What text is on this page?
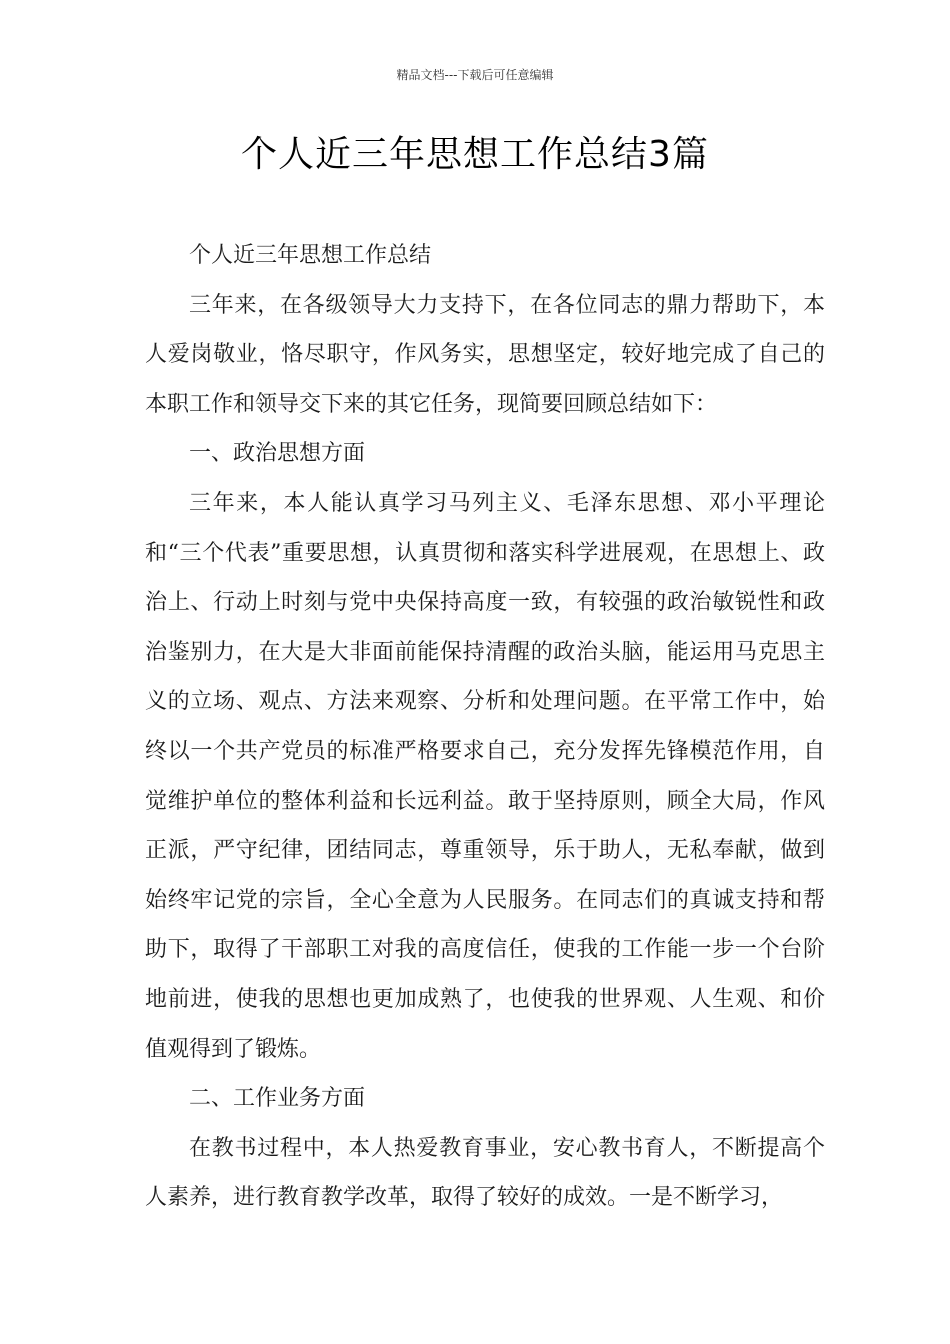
精品文档---下载后可任意编辑
个人近三年思想工作总结3篇

个人近三年思想工作总结

三年来，在各级领导大力支持下，在各位同志的鼎力帮助下，本人爱岗敬业，恪尽职守，作风务实，思想坚定，较好地完成了自己的本职工作和领导交下来的其它任务，现简要回顾总结如下：

一、政治思想方面

三年来，本人能认真学习马列主义、毛泽东思想、邓小平理论和“三个代表”重要思想，认真贯彻和落实科学进展观，在思想上、政治上、行动上时刻与党中央保持高度一致，有较强的政治敏锐性和政治鉴别力，在大是大非面前能保持清醒的政治头脑，能运用马克思主义的立场、观点、方法来观察、分析和处理问题。在平常工作中，始终以一个共产党员的标准严格要求自己，充分发挥先锋模范作用，自觉维护单位的整体利益和长远利益。敢于坚持原则，顾全大局，作风正派，严守纪律，团结同志，尊重领导，乐于助人，无私奉献，做到始终牢记党的宗旨，全心全意为人民服务。在同志们的真诚支持和帮助下，取得了干部职工对我的高度信任，使我的工作能一步一个台阶地前进，使我的思想也更加成熟了，也使我的世界观、人生观、和价值观得到了锻炼。

二、工作业务方面

在教书过程中，本人热爱教育事业，安心教书育人，不断提高个人素养，进行教育教学改革，取得了较好的成效。一是不断学习，
